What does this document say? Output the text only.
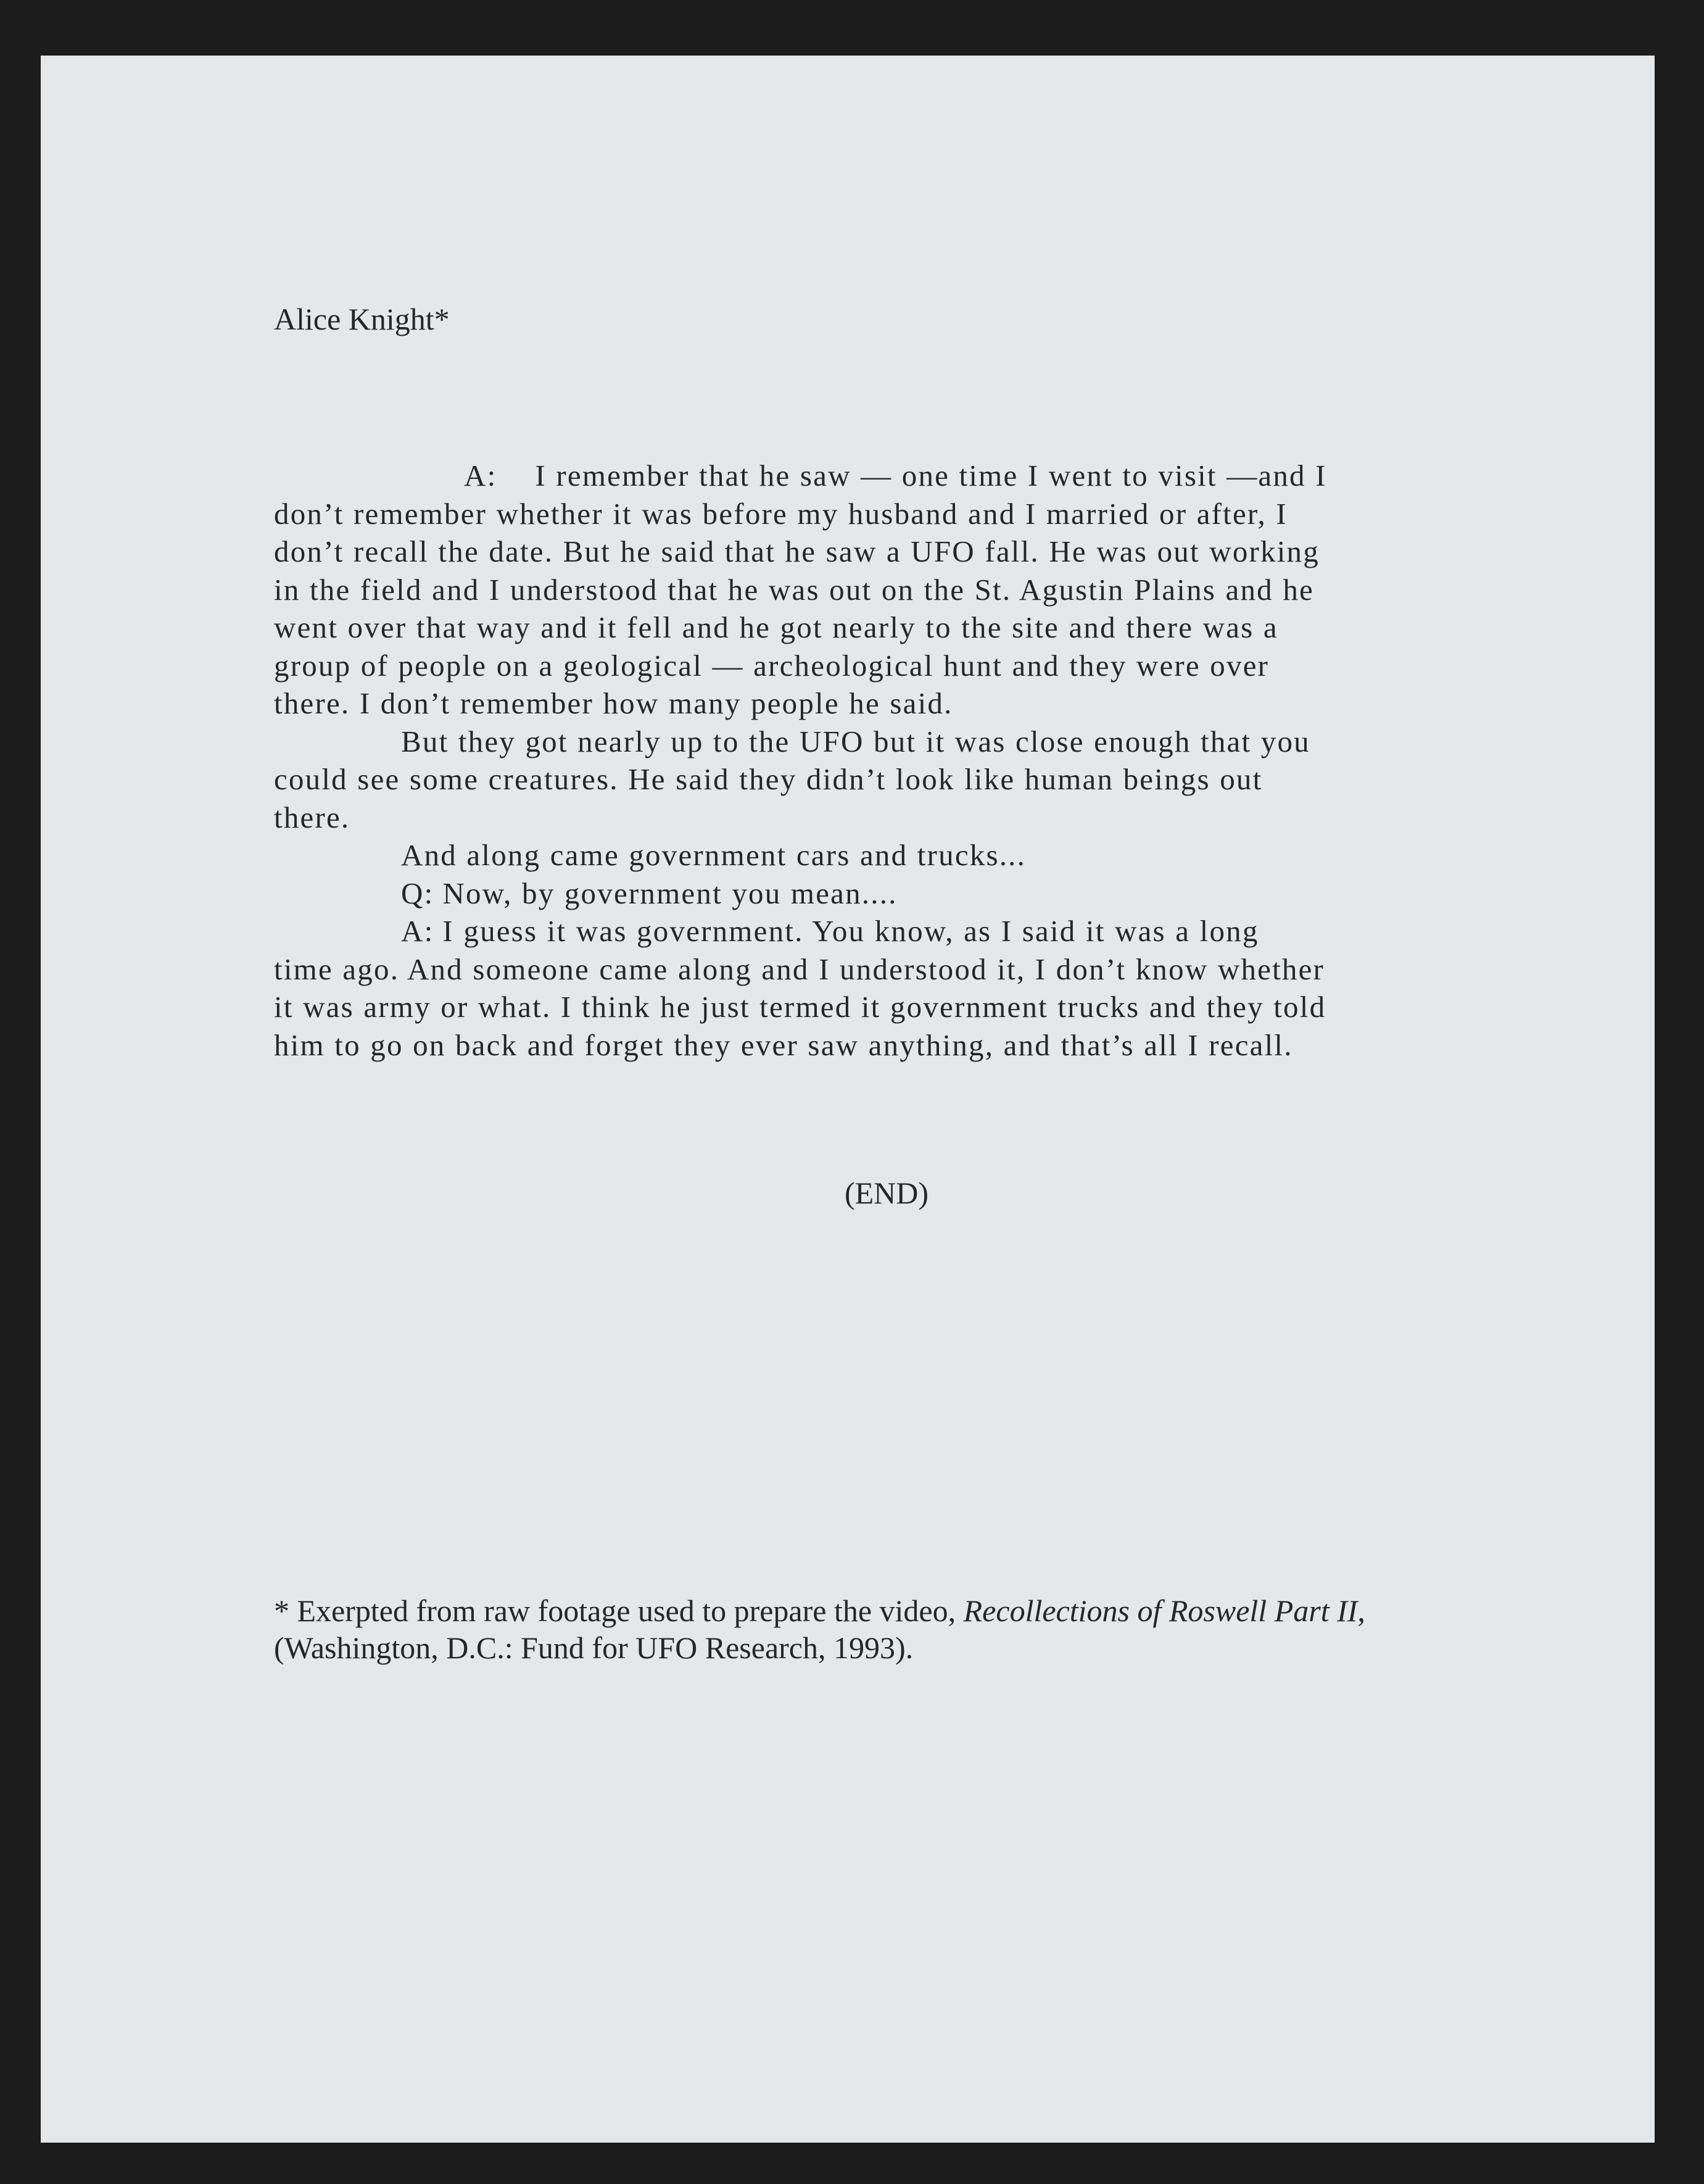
Alice Knight*

A: I remember that he saw — one time I went to visit —and I
don’t remember whether it was before my husband and I married or after, I
don’t recall the date. But he said that he saw a UFO fall. He was out working
in the field and I understood that he was out on the St. Agustin Plains and he
went over that way and it fell and he got nearly to the site and there was a
group of people on a geological — archeological hunt and they were over
there. I don’t remember how many people he said.

But they got nearly up to the UFO but it was close enough that you
could see some creatures. He said they didn’t look like human beings out
there.

And along came government cars and trucks...

Q: Now, by government you mean....

A: I guess it was government. You know, as I said it was a long
time ago. And someone came along and I understood it, I don’t know whether
it was army or what. I think he just termed it government trucks and they told
him to go on back and forget they ever saw anything, and that’s all I recall.

(END)
* Exerpted from raw footage used to prepare the video, Recollections of Roswell Part II,
(Washington, D.C.: Fund for UFO Research, 1993).
